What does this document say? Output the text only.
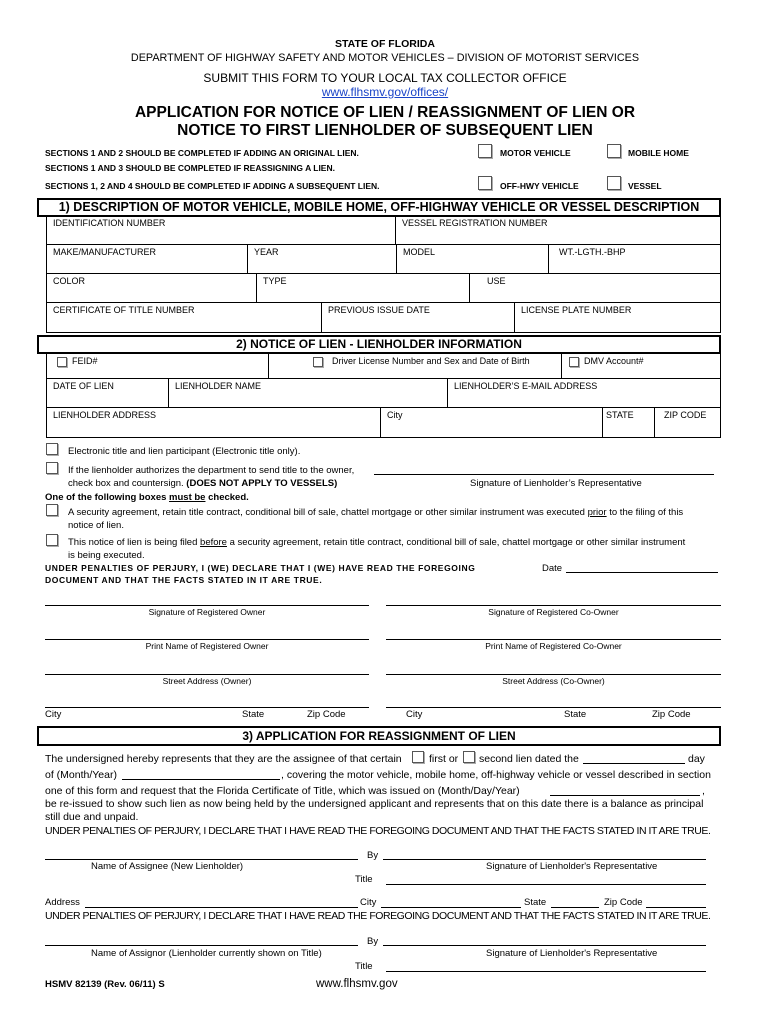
STATE OF FLORIDA
DEPARTMENT OF HIGHWAY SAFETY AND MOTOR VEHICLES – DIVISION OF MOTORIST SERVICES
SUBMIT THIS FORM TO YOUR LOCAL TAX COLLECTOR OFFICE
www.flhsmv.gov/offices/
APPLICATION FOR NOTICE OF LIEN / REASSIGNMENT OF LIEN OR
NOTICE TO FIRST LIENHOLDER OF SUBSEQUENT LIEN
SECTIONS 1 AND 2 SHOULD BE COMPLETED IF ADDING AN ORIGINAL LIEN.
SECTIONS 1 AND 3 SHOULD BE COMPLETED IF REASSIGNING A LIEN.
SECTIONS 1, 2 AND 4 SHOULD BE COMPLETED IF ADDING A SUBSEQUENT LIEN.
MOTOR VEHICLE	MOBILE HOME
OFF-HWY VEHICLE	VESSEL
1) DESCRIPTION OF MOTOR VEHICLE, MOBILE HOME, OFF-HIGHWAY VEHICLE OR VESSEL DESCRIPTION
IDENTIFICATION NUMBER	VESSEL REGISTRATION NUMBER
MAKE/MANUFACTURER	YEAR	MODEL	WT.-LGTH.-BHP
COLOR	TYPE	USE
CERTIFICATE OF TITLE NUMBER	PREVIOUS ISSUE DATE	LICENSE PLATE NUMBER
2) NOTICE OF LIEN - LIENHOLDER INFORMATION
FEID#	Driver License Number and Sex and Date of Birth	DMV Account#
DATE OF LIEN	LIENHOLDER NAME	LIENHOLDER’S E-MAIL ADDRESS
LIENHOLDER ADDRESS	City	STATE	ZIP CODE
Electronic title and lien participant (Electronic title only).
If the lienholder authorizes the department to send title to the owner,
check box and countersign. (DOES NOT APPLY TO VESSELS)	Signature of Lienholder’s Representative
One of the following boxes must be checked.
A security agreement, retain title contract, conditional bill of sale, chattel mortgage or other similar instrument was executed prior to the filing of this
notice of lien.
This notice of lien is being filed before a security agreement, retain title contract, conditional bill of sale, chattel mortgage or other similar instrument
is being executed.
UNDER PENALTIES OF PERJURY, I (WE) DECLARE THAT I (WE) HAVE READ THE FOREGOING
DOCUMENT AND THAT THE FACTS STATED IN IT ARE TRUE.
Date
Signature of Registered Owner	Signature of Registered Co-Owner
Print Name of Registered Owner	Print Name of Registered Co-Owner
Street Address (Owner)	Street Address (Co-Owner)
City	State	Zip Code	City	State	Zip Code
3) APPLICATION FOR REASSIGNMENT OF LIEN
The undersigned hereby represents that they are the assignee of that certain	first or second lien dated the	day
of (Month/Year)	, covering the motor vehicle, mobile home, off-highway vehicle or vessel described in section
one of this form and request that the Florida Certificate of Title, which was issued on (Month/Day/Year)	,
be re-issued to show such lien as now being held by the undersigned applicant and represents that on this date there is a balance as principal
still due and unpaid.
UNDER PENALTIES OF PERJURY, I DECLARE THAT I HAVE READ THE FOREGOING DOCUMENT AND THAT THE FACTS STATED IN IT ARE TRUE.
By
Name of Assignee (New Lienholder)	Signature of Lienholder's Representative
Title
Address	City	State	Zip Code
UNDER PENALTIES OF PERJURY, I DECLARE THAT I HAVE READ THE FOREGOING DOCUMENT AND THAT THE FACTS STATED IN IT ARE TRUE.
By
Name of Assignor (Lienholder currently shown on Title)	Signature of Lienholder's Representative
Title
HSMV 82139 (Rev. 06/11) S	www.flhsmv.gov
